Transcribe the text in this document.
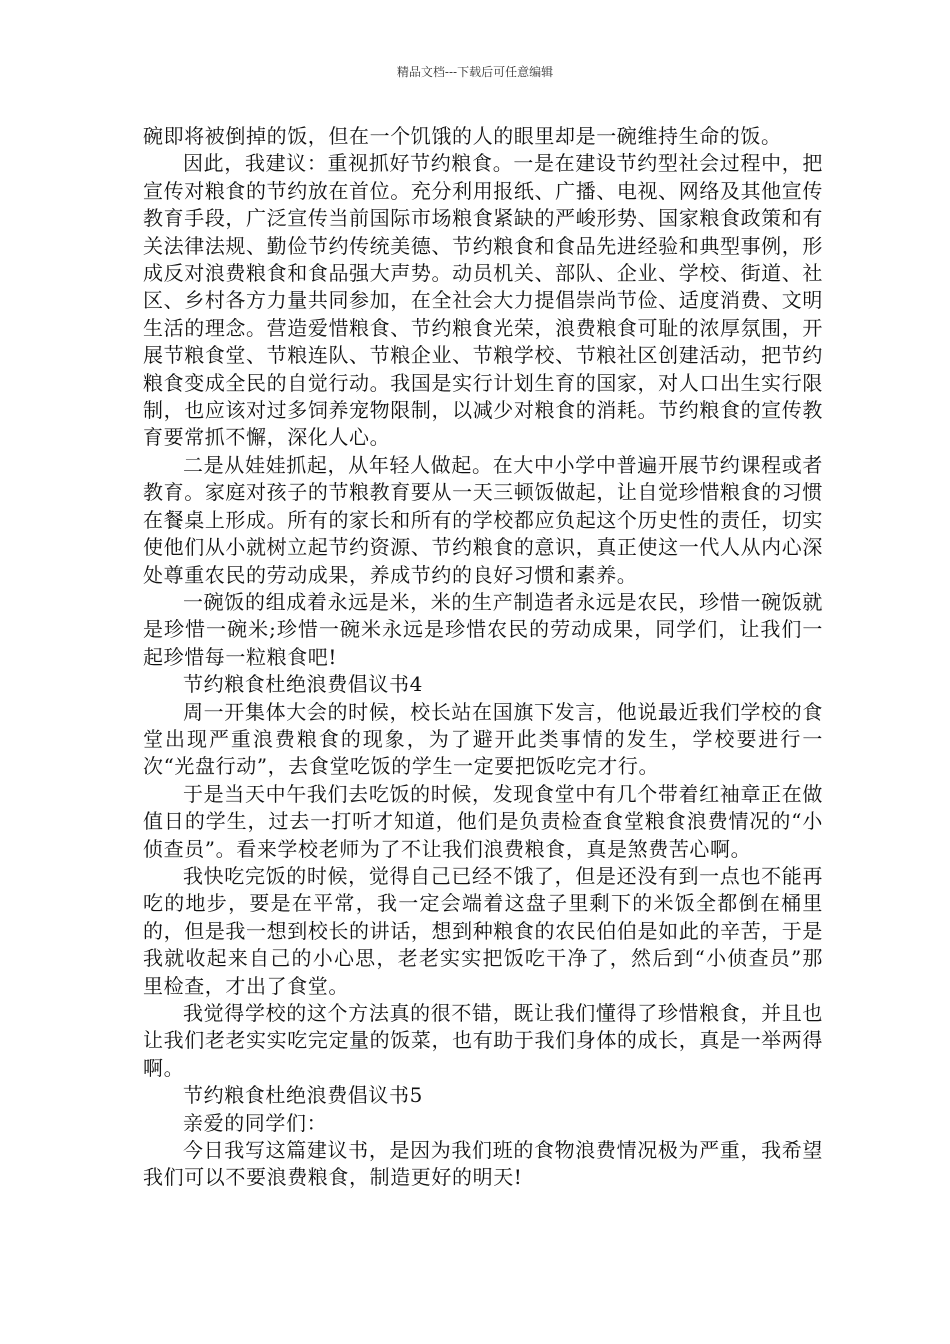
精品文档---下载后可任意编辑

碗即将被倒掉的饭，但在一个饥饿的人的眼里却是一碗维持生命的饭。

因此，我建议：重视抓好节约粮食。一是在建设节约型社会过程中，把宣传对粮食的节约放在首位。充分利用报纸、广播、电视、网络及其他宣传教育手段，广泛宣传当前国际市场粮食紧缺的严峻形势、国家粮食政策和有关法律法规、勤俭节约传统美德、节约粮食和食品先进经验和典型事例，形成反对浪费粮食和食品强大声势。动员机关、部队、企业、学校、街道、社区、乡村各方力量共同参加，在全社会大力提倡崇尚节俭、适度消费、文明生活的理念。营造爱惜粮食、节约粮食光荣，浪费粮食可耻的浓厚氛围，开展节粮食堂、节粮连队、节粮企业、节粮学校、节粮社区创建活动，把节约粮食变成全民的自觉行动。我国是实行计划生育的国家，对人口出生实行限制，也应该对过多饲养宠物限制，以减少对粮食的消耗。节约粮食的宣传教育要常抓不懈，深化人心。

二是从娃娃抓起，从年轻人做起。在大中小学中普遍开展节约课程或者教育。家庭对孩子的节粮教育要从一天三顿饭做起，让自觉珍惜粮食的习惯在餐桌上形成。所有的家长和所有的学校都应负起这个历史性的责任，切实使他们从小就树立起节约资源、节约粮食的意识，真正使这一代人从内心深处尊重农民的劳动成果，养成节约的良好习惯和素养。

一碗饭的组成着永远是米，米的生产制造者永远是农民，珍惜一碗饭就是珍惜一碗米;珍惜一碗米永远是珍惜农民的劳动成果，同学们，让我们一起珍惜每一粒粮食吧!

节约粮食杜绝浪费倡议书4

周一开集体大会的时候，校长站在国旗下发言，他说最近我们学校的食堂出现严重浪费粮食的现象，为了避开此类事情的发生，学校要进行一次“光盘行动”，去食堂吃饭的学生一定要把饭吃完才行。

于是当天中午我们去吃饭的时候，发现食堂中有几个带着红袖章正在做值日的学生，过去一打听才知道，他们是负责检查食堂粮食浪费情况的“小侦查员”。看来学校老师为了不让我们浪费粮食，真是煞费苦心啊。

我快吃完饭的时候，觉得自己已经不饿了，但是还没有到一点也不能再吃的地步，要是在平常，我一定会端着这盘子里剩下的米饭全都倒在桶里的，但是我一想到校长的讲话，想到种粮食的农民伯伯是如此的辛苦，于是我就收起来自己的小心思，老老实实把饭吃干净了，然后到“小侦查员”那里检查，才出了食堂。

我觉得学校的这个方法真的很不错，既让我们懂得了珍惜粮食，并且也让我们老老实实吃完定量的饭菜，也有助于我们身体的成长，真是一举两得啊。

节约粮食杜绝浪费倡议书5

亲爱的同学们：

今日我写这篇建议书，是因为我们班的食物浪费情况极为严重，我希望我们可以不要浪费粮食，制造更好的明天!
